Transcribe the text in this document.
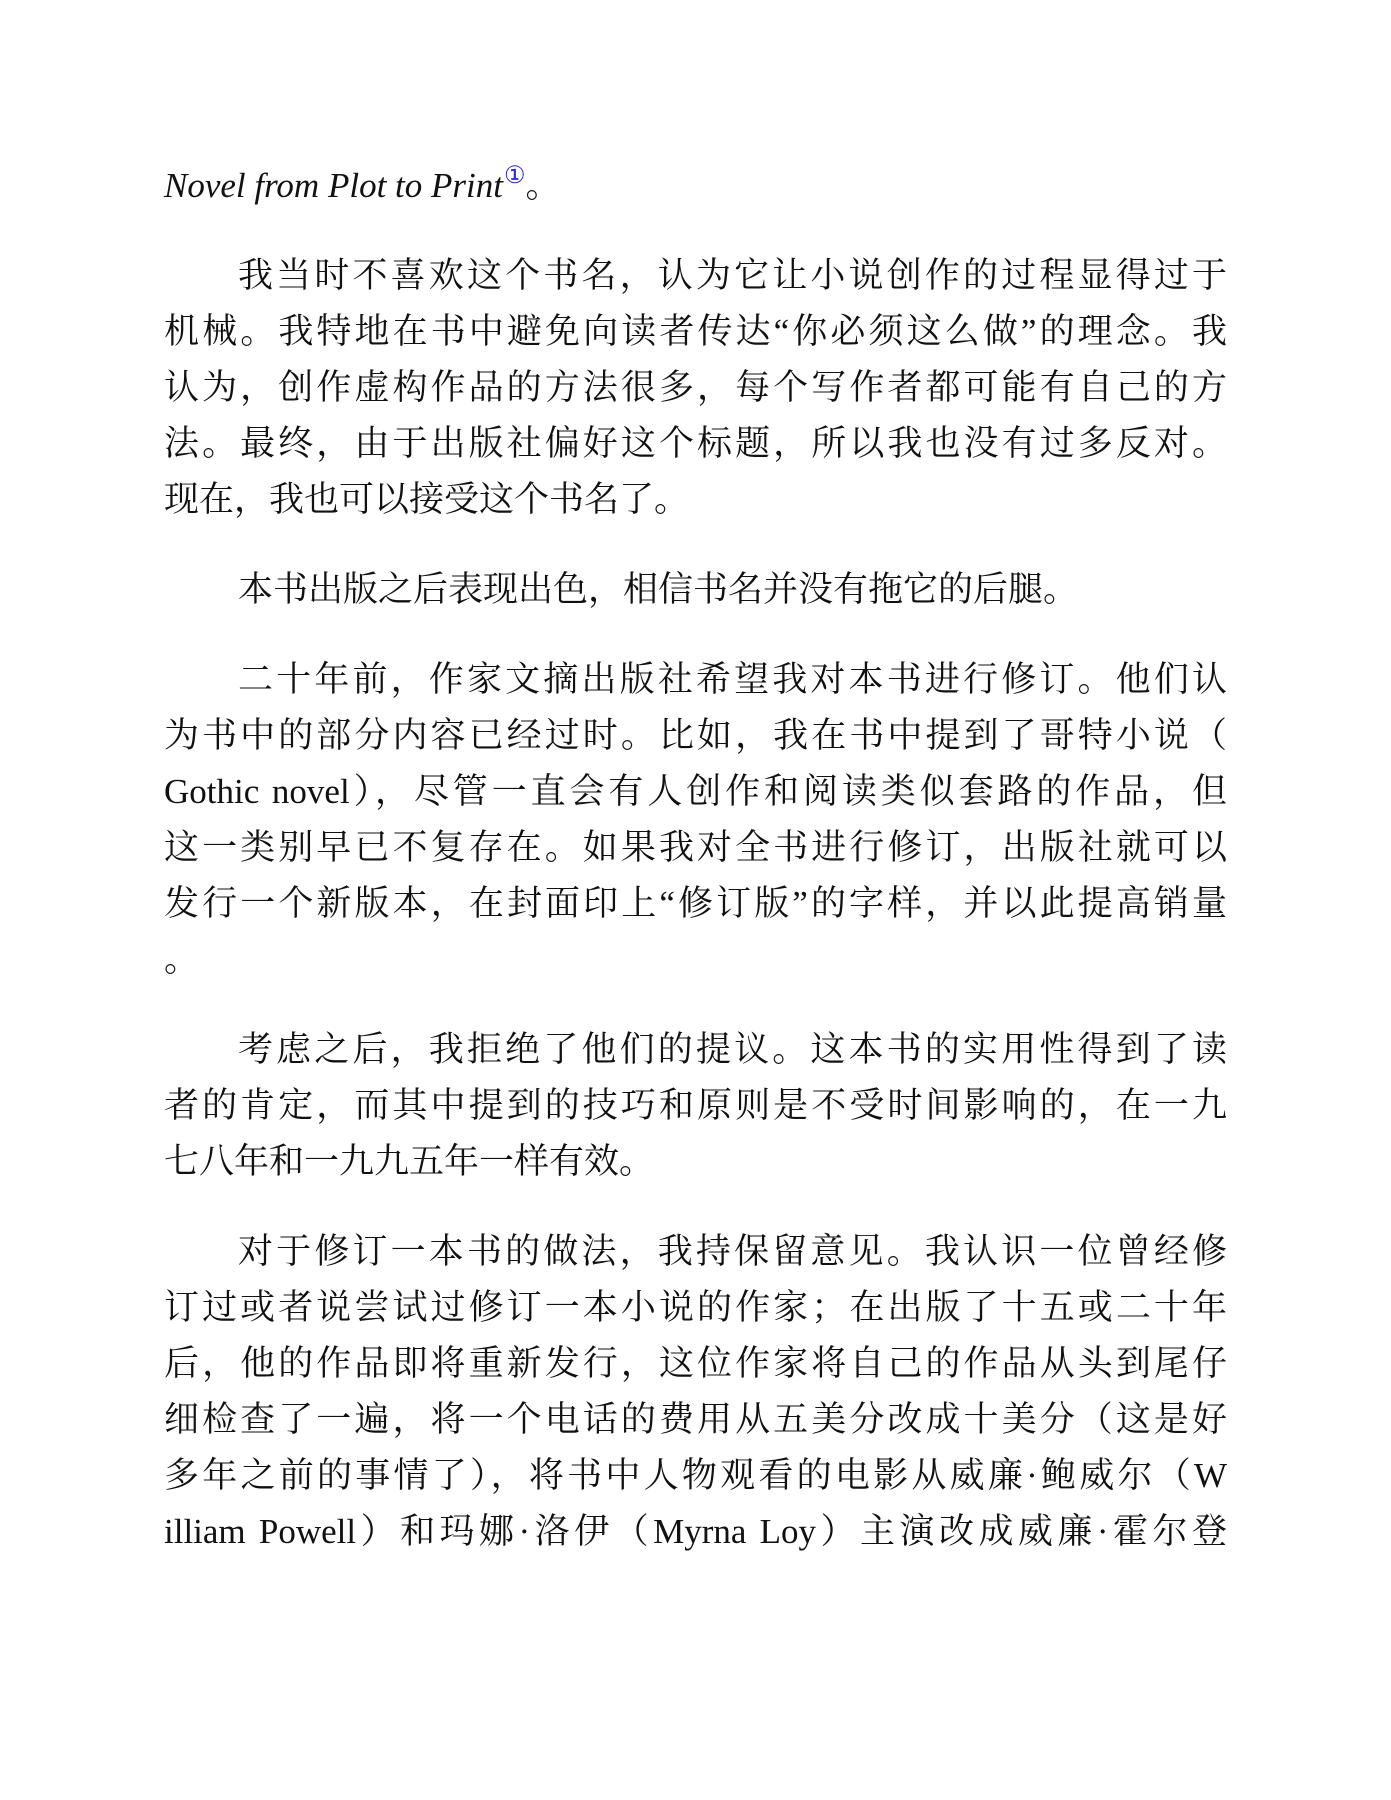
Novel from Plot to Print①。

我当时不喜欢这个书名，认为它让小说创作的过程显得过于

机械。我特地在书中避免向读者传达“你必须这么做”的理念。我

认为，创作虚构作品的方法很多，每个写作者都可能有自己的方

法。最终，由于出版社偏好这个标题，所以我也没有过多反对。

现在，我也可以接受这个书名了。

本书出版之后表现出色，相信书名并没有拖它的后腿。

二十年前，作家文摘出版社希望我对本书进行修订。他们认

为书中的部分内容已经过时。比如，我在书中提到了哥特小说（

Gothic novel），尽管一直会有人创作和阅读类似套路的作品，但

这一类别早已不复存在。如果我对全书进行修订，出版社就可以

发行一个新版本，在封面印上“修订版”的字样，并以此提高销量

。

考虑之后，我拒绝了他们的提议。这本书的实用性得到了读

者的肯定，而其中提到的技巧和原则是不受时间影响的，在一九

七八年和一九九五年一样有效。

对于修订一本书的做法，我持保留意见。我认识一位曾经修

订过或者说尝试过修订一本小说的作家；在出版了十五或二十年

后，他的作品即将重新发行，这位作家将自己的作品从头到尾仔

细检查了一遍，将一个电话的费用从五美分改成十美分（这是好

多年之前的事情了），将书中人物观看的电影从威廉·鲍威尔（W

illiam Powell）和玛娜·洛伊（Myrna Loy）主演改成威廉·霍尔登
